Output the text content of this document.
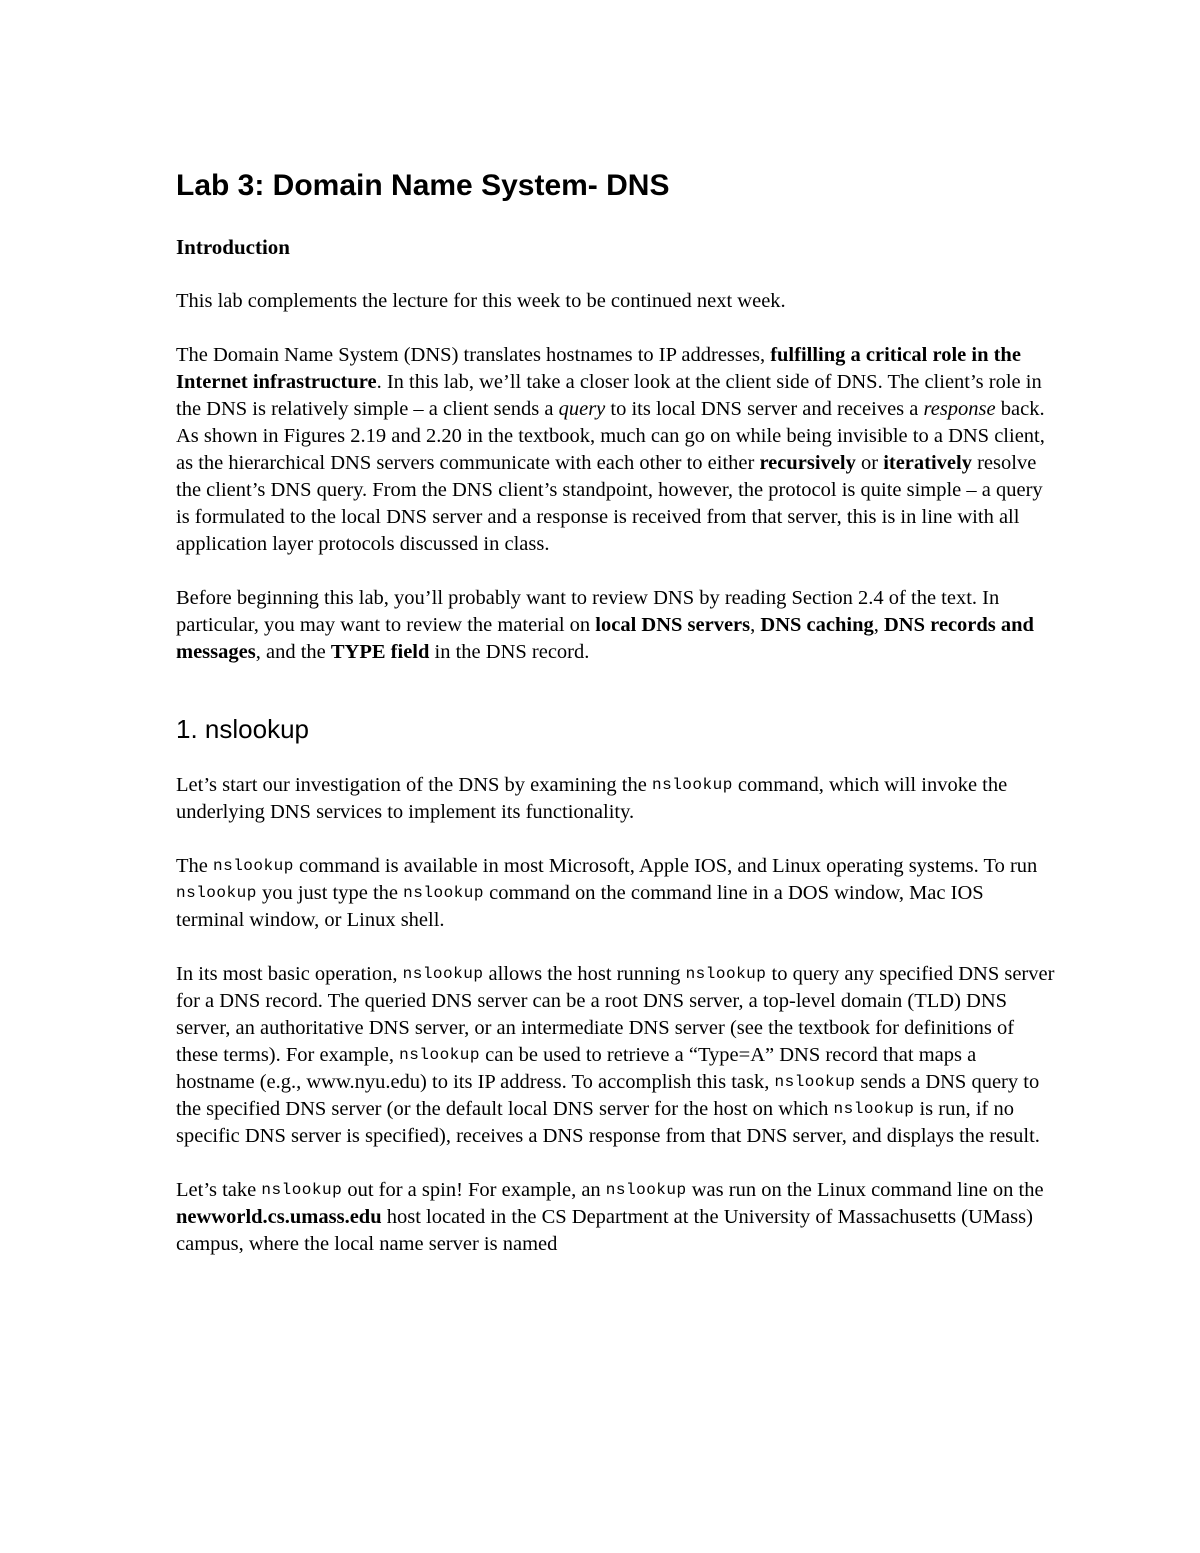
Lab 3: Domain Name System- DNS
Introduction

This lab complements the lecture for this week to be continued next week.

The Domain Name System (DNS) translates hostnames to IP addresses, fulfilling a critical role in the Internet infrastructure. In this lab, we’ll take a closer look at the client side of DNS. The client’s role in the DNS is relatively simple – a client sends a query to its local DNS server and receives a response back. As shown in Figures 2.19 and 2.20 in the textbook, much can go on while being invisible to a DNS client, as the hierarchical DNS servers communicate with each other to either recursively or iteratively resolve the client’s DNS query. From the DNS client’s standpoint, however, the protocol is quite simple – a query is formulated to the local DNS server and a response is received from that server, this is in line with all application layer protocols discussed in class.

Before beginning this lab, you’ll probably want to review DNS by reading Section 2.4 of the text. In particular, you may want to review the material on local DNS servers, DNS caching, DNS records and messages, and the TYPE field in the DNS record.

1. nslookup

Let’s start our investigation of the DNS by examining the nslookup command, which will invoke the underlying DNS services to implement its functionality.

The nslookup command is available in most Microsoft, Apple IOS, and Linux operating systems. To run nslookup you just type the nslookup command on the command line in a DOS window, Mac IOS terminal window, or Linux shell.

In its most basic operation, nslookup allows the host running nslookup to query any specified DNS server for a DNS record. The queried DNS server can be a root DNS server, a top-level domain (TLD) DNS server, an authoritative DNS server, or an intermediate DNS server (see the textbook for definitions of these terms). For example, nslookup can be used to retrieve a “Type=A” DNS record that maps a hostname (e.g., www.nyu.edu) to its IP address. To accomplish this task, nslookup sends a DNS query to the specified DNS server (or the default local DNS server for the host on which nslookup is run, if no specific DNS server is specified), receives a DNS response from that DNS server, and displays the result.

Let’s take nslookup out for a spin! For example, an nslookup was run on the Linux command line on the newworld.cs.umass.edu host located in the CS Department at the University of Massachusetts (UMass) campus, where the local name server is named
